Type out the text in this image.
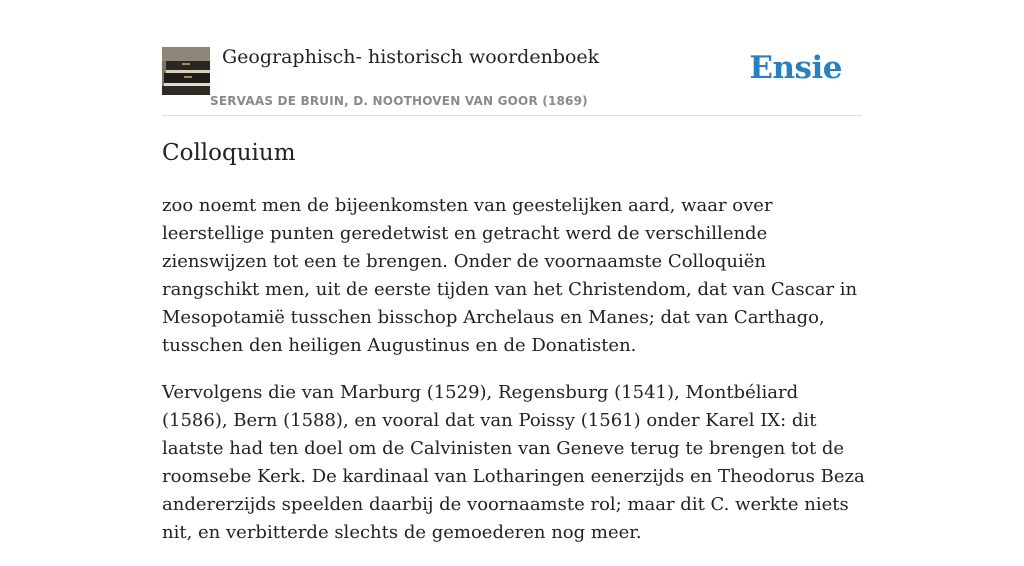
Geographisch- historisch woordenboek
SERVAAS DE BRUIN, D. NOOTHOVEN VAN GOOR (1869)
Ensie
Colloquium

zoo noemt men de bijeenkomsten van geestelijken aard, waar over leerstellige punten geredetwist en getracht werd de verschillende zienswijzen tot een te brengen. Onder de voornaamste Colloquiën rangschikt men, uit de eerste tijden van het Christendom, dat van Cascar in Mesopotamië tusschen bisschop Archelaus en Manes; dat van Carthago, tusschen den heiligen Augustinus en de Donatisten.

Vervolgens die van Marburg (1529), Regensburg (1541), Montbéliard (1586), Bern (1588), en vooral dat van Poissy (1561) onder Karel IX: dit laatste had ten doel om de Calvinisten van Geneve terug te brengen tot de roomsebe Kerk. De kardinaal van Lotharingen eenerzijds en Theodorus Beza andererzijds speelden daarbij de voornaamste rol; maar dit C. werkte niets nit, en verbitterde slechts de gemoederen nog meer.
